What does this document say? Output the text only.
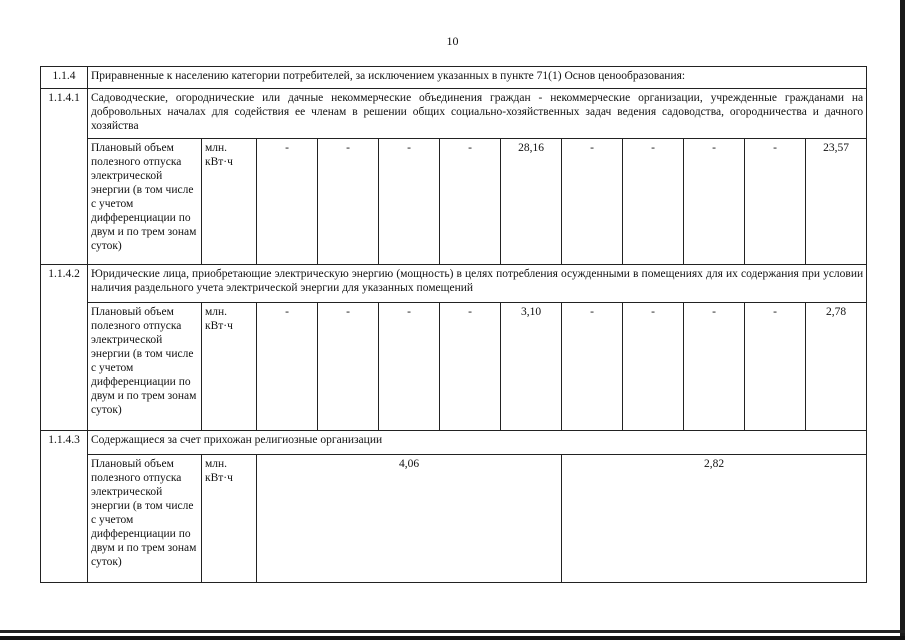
10
1.1.4	Приравненные к населению категории потребителей, за исключением указанных в пункте 71(1) Основ ценообразования:												
1.1.4.1	Садоводческие, огороднические или дачные некоммерческие объединения граждан - некоммерческие организации, учрежденные гражданами на добровольных началах для содействия ее членам в решении общих социально-хозяйственных задач ведения садоводства, огородничества и дачного хозяйства												
	Плановый объем полезного отпуска электрической энергии (в том числе с учетом дифференциации по двум и по трем зонам суток)	млн. кВт·ч	-	-	-	-	28,16	-	-	-	-	23,57	
1.1.4.2	Юридические лица, приобретающие электрическую энергию (мощность) в целях потребления осужденными в помещениях для их содержания при условии наличия раздельного учета электрической энергии для указанных помещений												
	Плановый объем полезного отпуска электрической энергии (в том числе с учетом дифференциации по двум и по трем зонам суток)	млн. кВт·ч	-	-	-	-	3,10	-	-	-	-	2,78	
1.1.4.3	Содержащиеся за счет прихожан религиозные организации												
	Плановый объем полезного отпуска электрической энергии (в том числе с учетом дифференциации по двум и по трем зонам суток)	млн. кВт·ч	4,06					2,82					
